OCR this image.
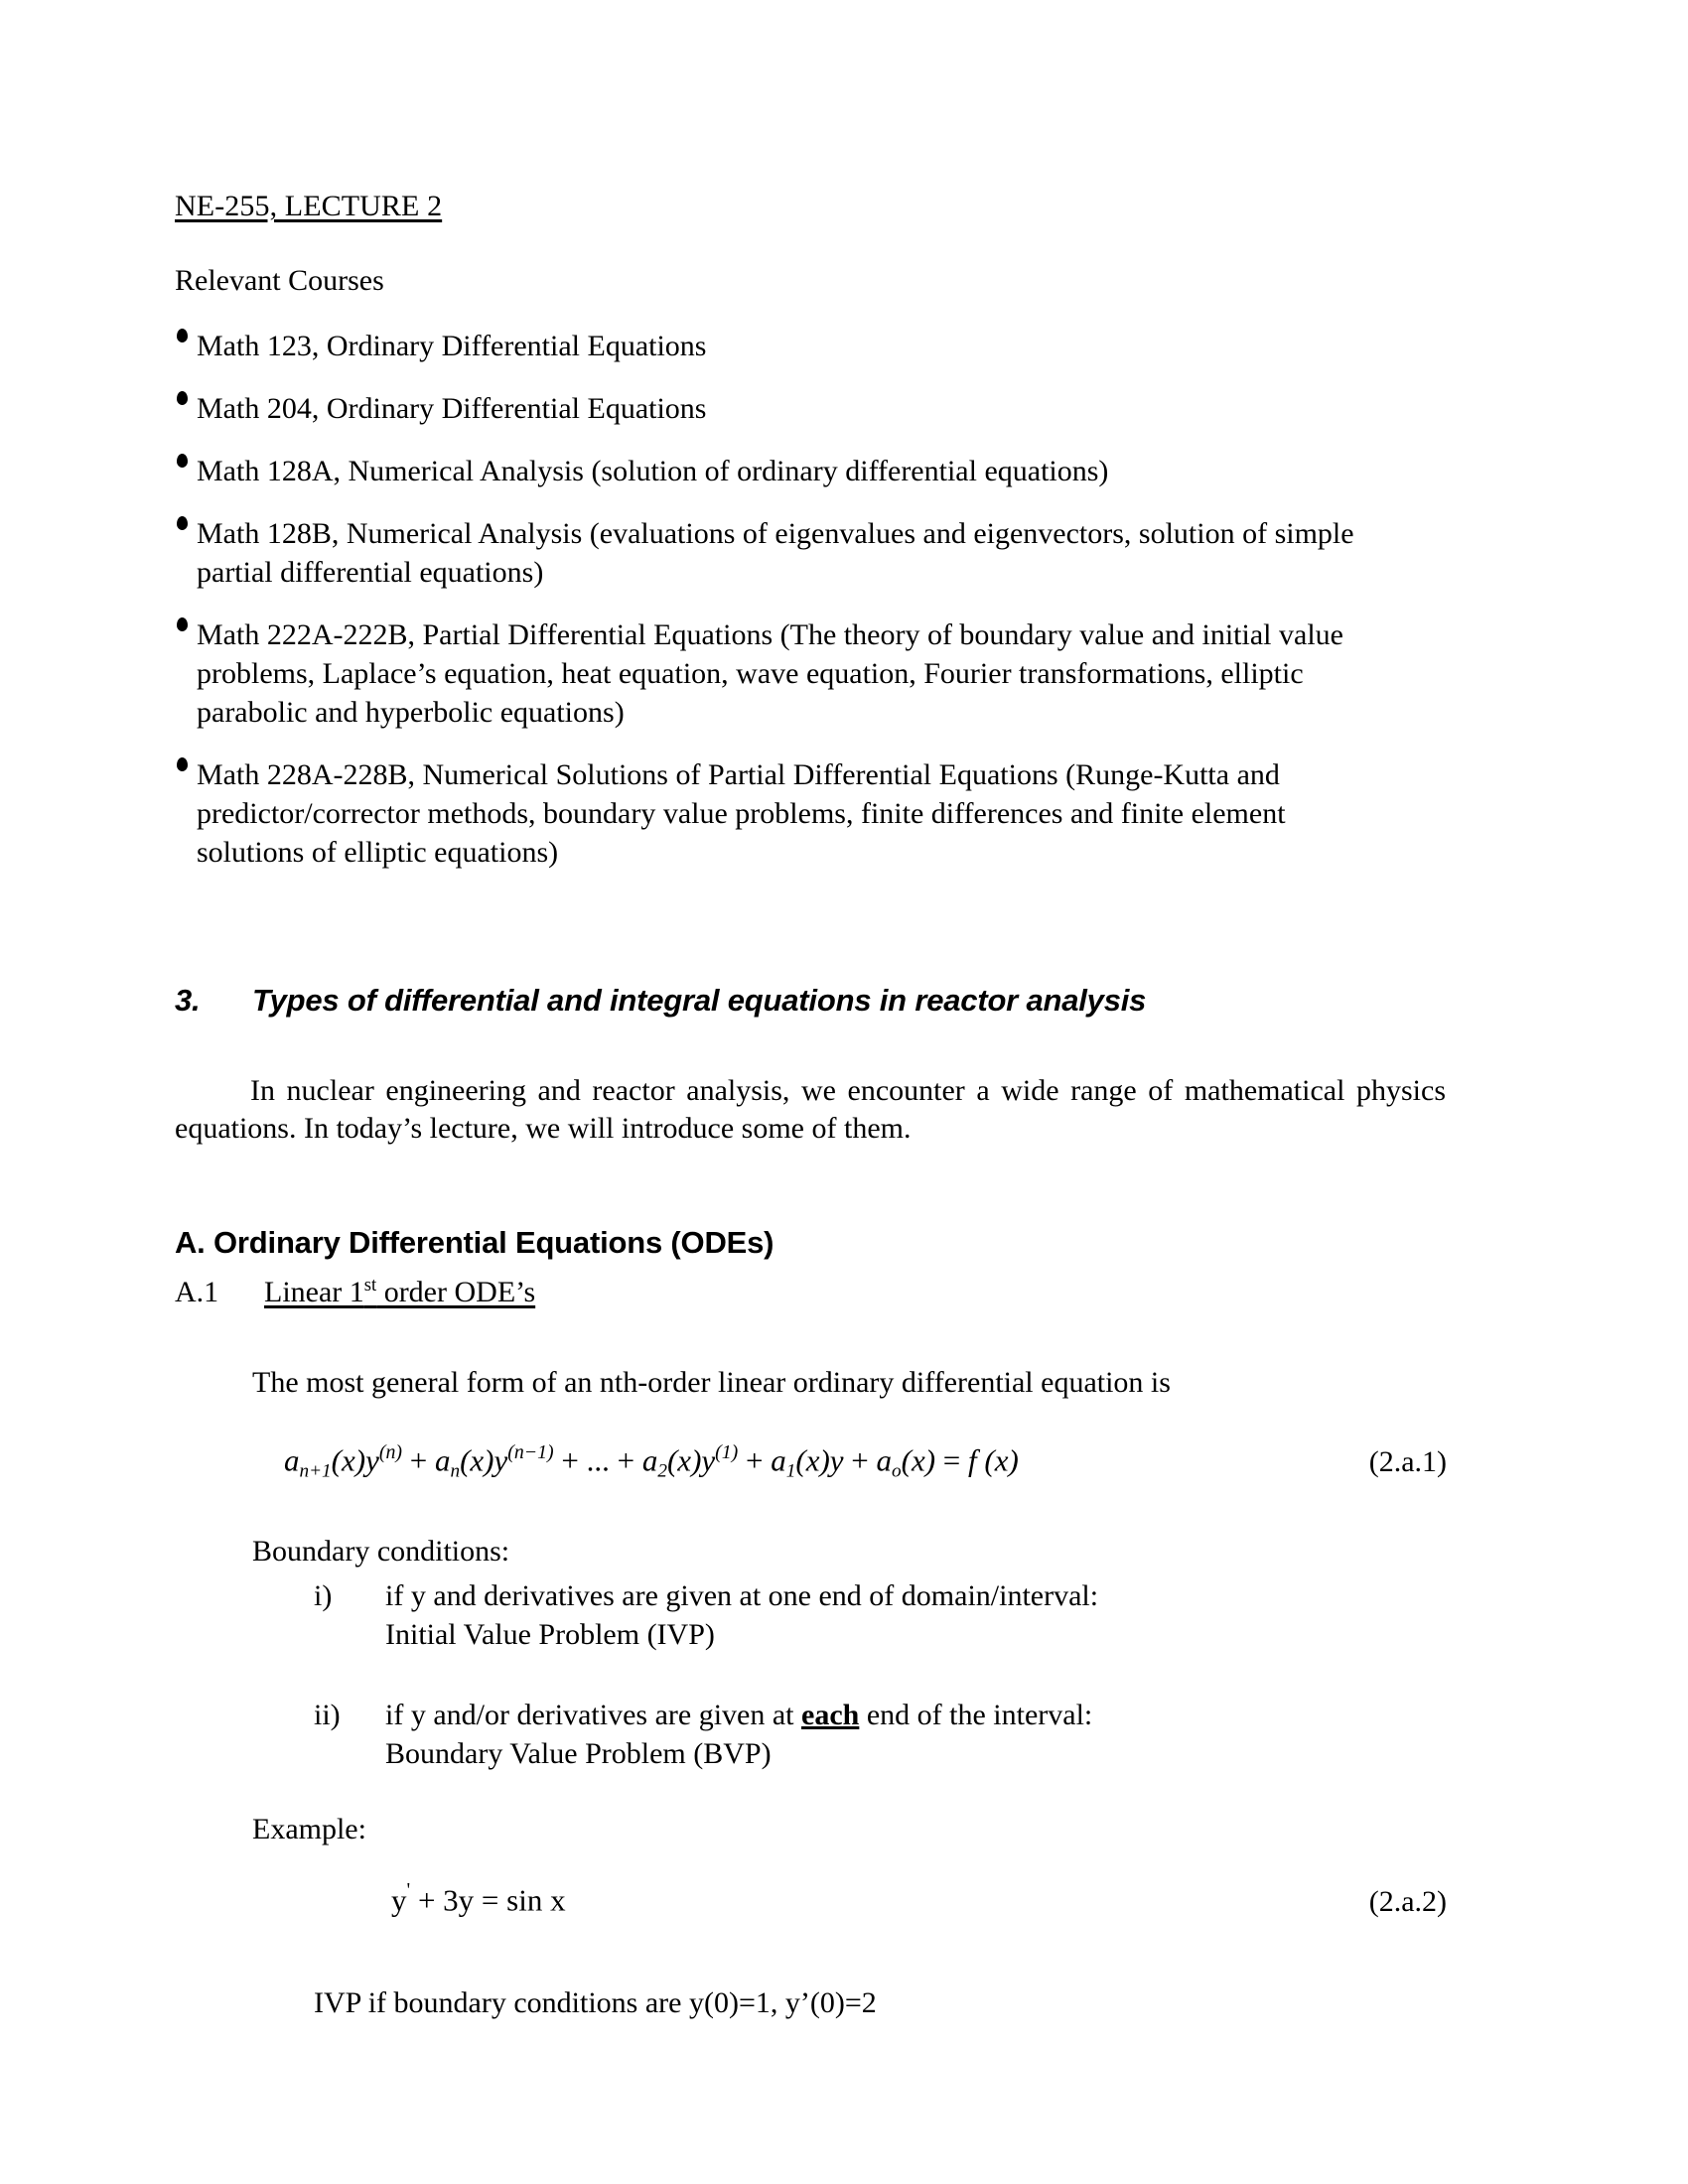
NE-255, LECTURE 2
Relevant Courses
Math 123, Ordinary Differential Equations
Math 204, Ordinary Differential Equations
Math 128A, Numerical Analysis (solution of ordinary differential equations)
Math 128B, Numerical Analysis (evaluations of eigenvalues and eigenvectors, solution of simple partial differential equations)
Math 222A-222B, Partial Differential Equations (The theory of boundary value and initial value problems, Laplace’s equation, heat equation, wave equation, Fourier transformations, elliptic parabolic and hyperbolic equations)
Math 228A-228B, Numerical Solutions of Partial Differential Equations (Runge-Kutta and predictor/corrector methods, boundary value problems, finite differences and finite element solutions of elliptic equations)
3. Types of differential and integral equations in reactor analysis
In nuclear engineering and reactor analysis, we encounter a wide range of mathematical physics equations. In today’s lecture, we will introduce some of them.
A. Ordinary Differential Equations (ODEs)
A.1 Linear 1st order ODE’s
The most general form of an nth-order linear ordinary differential equation is
$a_{n+1}(x)y^{(n)} + a_n(x)y^{(n-1)}$ + ... + $a_2(x)y^{(1)} + a_1(x)y + a_o(x) = f$ (x)	(2.a.1)
Boundary conditions:
i)	if y and derivatives are given at one end of domain/interval:
Initial Value Problem (IVP)
ii)	if y and/or derivatives are given at each end of the interval:
Boundary Value Problem (BVP)
Example:
y' + 3y = sin x	(2.a.2)
IVP if boundary conditions are y(0)=1, y’(0)=2
